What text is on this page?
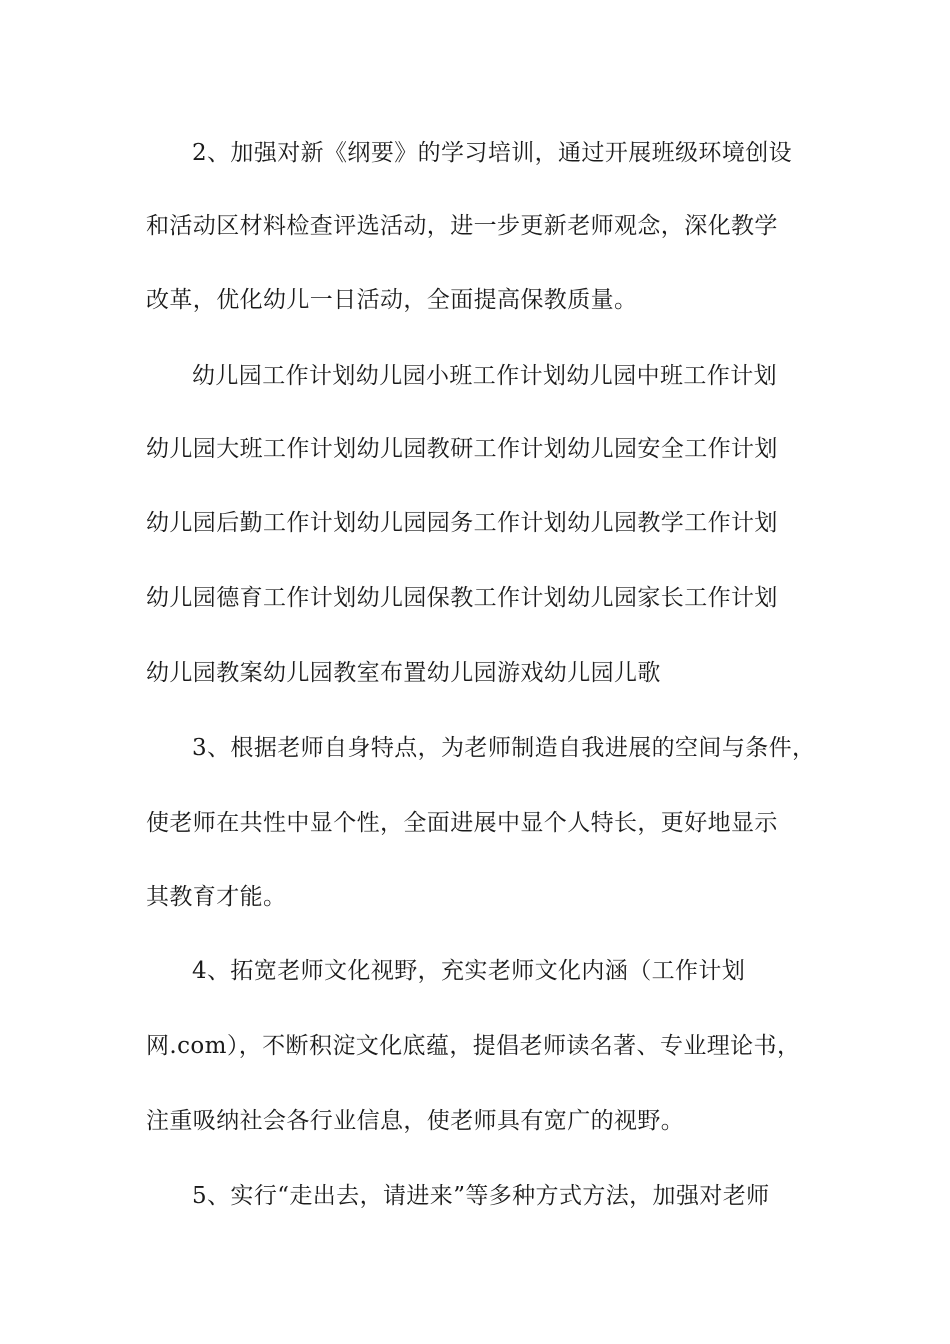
2、加强对新《纲要》的学习培训，通过开展班级环境创设
和活动区材料检查评选活动，进一步更新老师观念，深化教学
改革，优化幼儿一日活动，全面提高保教质量。
幼儿园工作计划幼儿园小班工作计划幼儿园中班工作计划
幼儿园大班工作计划幼儿园教研工作计划幼儿园安全工作计划
幼儿园后勤工作计划幼儿园园务工作计划幼儿园教学工作计划
幼儿园德育工作计划幼儿园保教工作计划幼儿园家长工作计划
幼儿园教案幼儿园教室布置幼儿园游戏幼儿园儿歌
3、根据老师自身特点，为老师制造自我进展的空间与条件，
使老师在共性中显个性，全面进展中显个人特长，更好地显示
其教育才能。
4、拓宽老师文化视野，充实老师文化内涵（工作计划
网.com），不断积淀文化底蕴，提倡老师读名著、专业理论书，
注重吸纳社会各行业信息，使老师具有宽广的视野。
5、实行“走出去，请进来”等多种方式方法，加强对老师
